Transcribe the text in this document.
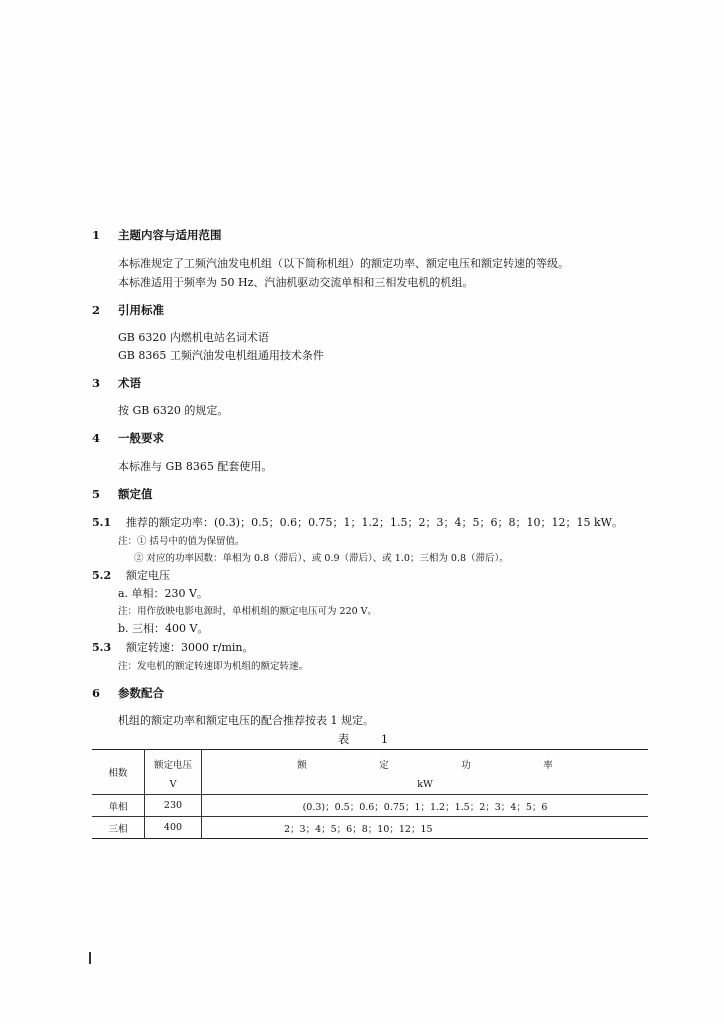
1 主题内容与适用范围
本标准规定了工频汽油发电机组（以下简称机组）的额定功率、额定电压和额定转速的等级。
本标准适用于频率为 50 Hz、汽油机驱动交流单相和三相发电机的机组。
2 引用标准
GB 6320 内燃机电站名词术语
GB 8365 工频汽油发电机组通用技术条件
3 术语
按 GB 6320 的规定。
4 一般要求
本标准与 GB 8365 配套使用。
5 额定值
5.1 推荐的额定功率：(0.3)；0.5；0.6；0.75；1；1.2；1.5；2；3；4；5；6；8；10；12；15 kW。
注：① 括号中的值为保留值。
② 对应的功率因数：单相为 0.8（滞后）、或 0.9（滞后）、或 1.0；三相为 0.8（滞后）。
5.2 额定电压
a. 单相：230 V。
注：用作放映电影电源时，单相机组的额定电压可为 220 V。
b. 三相：400 V。
5.3 额定转速：3000 r/min。
注：发电机的额定转速即为机组的额定转速。
6 参数配合
机组的额定功率和额定电压的配合推荐按表 1 规定。
表 1
相数	额定电压	额 定 功 率
	V	kW
单相	230	(0.3)；0.5；0.6；0.75；1；1.2；1.5；2；3；4；5；6
三相	400	2；3；4；5；6；8；10；12；15
